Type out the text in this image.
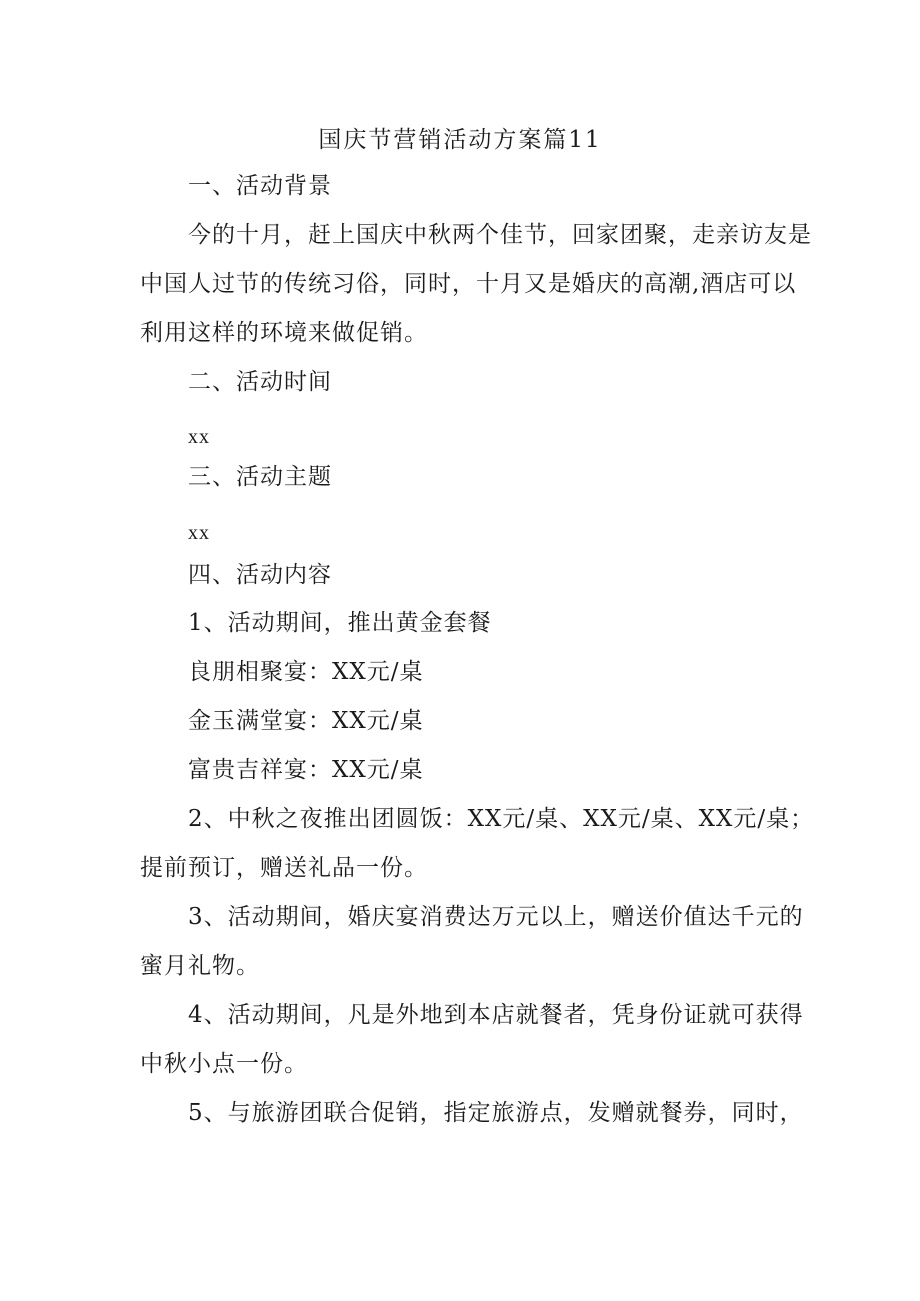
国庆节营销活动方案篇11
一、活动背景
今的十月，赶上国庆中秋两个佳节，回家团聚，走亲访友是
中国人过节的传统习俗，同时，十月又是婚庆的高潮,酒店可以
利用这样的环境来做促销。
二、活动时间
xx
三、活动主题
xx
四、活动内容
1、活动期间，推出黄金套餐
良朋相聚宴：XX元/桌
金玉满堂宴：XX元/桌
富贵吉祥宴：XX元/桌
2、中秋之夜推出团圆饭：XX元/桌、XX元/桌、XX元/桌；
提前预订，赠送礼品一份。
3、活动期间，婚庆宴消费达万元以上，赠送价值达千元的
蜜月礼物。
4、活动期间，凡是外地到本店就餐者，凭身份证就可获得
中秋小点一份。
5、与旅游团联合促销，指定旅游点，发赠就餐券，同时，
